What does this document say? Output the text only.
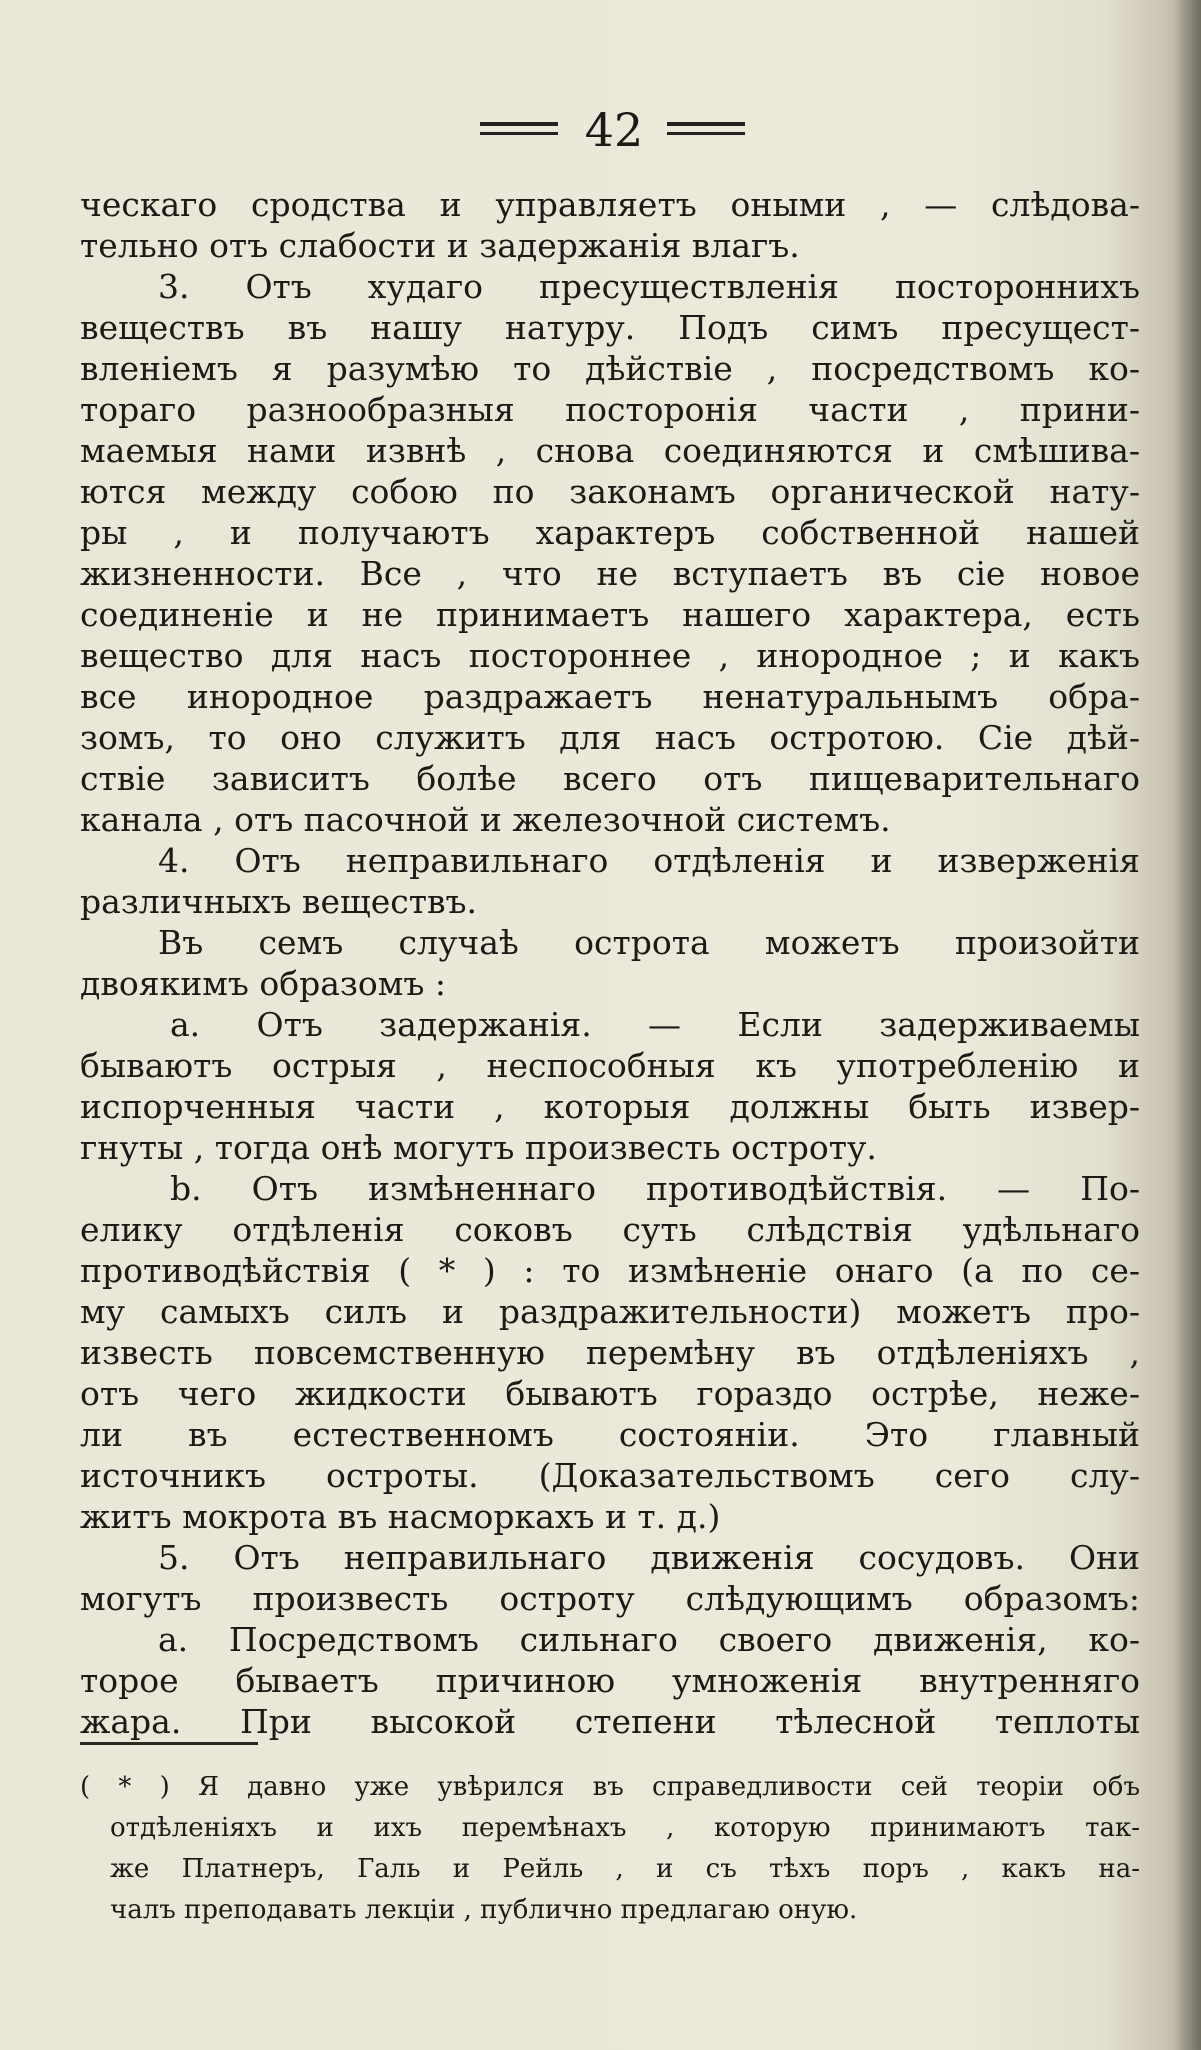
42
ческаго сродства и управляетъ оными , — слѣдова-
тельно отъ слабости и задержанія влагъ.
3. Отъ худаго пресуществленія постороннихъ
веществъ въ нашу натуру. Подъ симъ пресущест-
вленіемъ я разумѣю то дѣйствіе , посредствомъ ко-
тораго разнообразныя посторонія части , прини-
маемыя нами извнѣ , снова соединяются и смѣшива-
ются между собою по законамъ органической нату-
ры , и получаютъ характеръ собственной нашей
жизненности. Все , что не вступаетъ въ сіе новое
соединеніе и не принимаетъ нашего характера, есть
вещество для насъ постороннее , инородное ; и какъ
все инородное раздражаетъ ненатуральнымъ обра-
зомъ, то оно служитъ для насъ остротою. Сіе дѣй-
ствіе зависитъ болѣе всего отъ пищеварительнаго
канала , отъ пасочной и железочной системъ.
4. Отъ неправильнаго отдѣленія и изверженія
различныхъ веществъ.
Въ семъ случаѣ острота можетъ произойти
двоякимъ образомъ :
a. Отъ задержанія. — Если задерживаемы
бываютъ острыя , неспособныя къ употребленію и
испорченныя части , которыя должны быть извер-
гнуты , тогда онѣ могутъ произвесть остроту.
b. Отъ измѣненнаго противодѣйствія. — По-
елику отдѣленія соковъ суть слѣдствія удѣльнаго
противодѣйствія ( * ) : то измѣненіе онаго (а по се-
му самыхъ силъ и раздражительности) можетъ про-
известь повсемственную перемѣну въ отдѣленіяхъ ,
отъ чего жидкости бываютъ гораздо острѣе, неже-
ли въ естественномъ состояніи. Это главный
источникъ остроты. (Доказательствомъ сего слу-
житъ мокрота въ насморкахъ и т. д.)
5. Отъ неправильнаго движенія сосудовъ. Они
могутъ произвесть остроту слѣдующимъ образомъ:
a. Посредствомъ сильнаго своего движенія, ко-
торое бываетъ причиною умноженія внутренняго
жара. При высокой степени тѣлесной теплоты
( * ) Я давно уже увѣрился въ справедливости сей теоріи объ
отдѣленіяхъ и ихъ перемѣнахъ , которую принимаютъ так-
же Платнеръ, Галь и Рейль , и съ тѣхъ поръ , какъ на-
чалъ преподавать лекціи , публично предлагаю оную.
